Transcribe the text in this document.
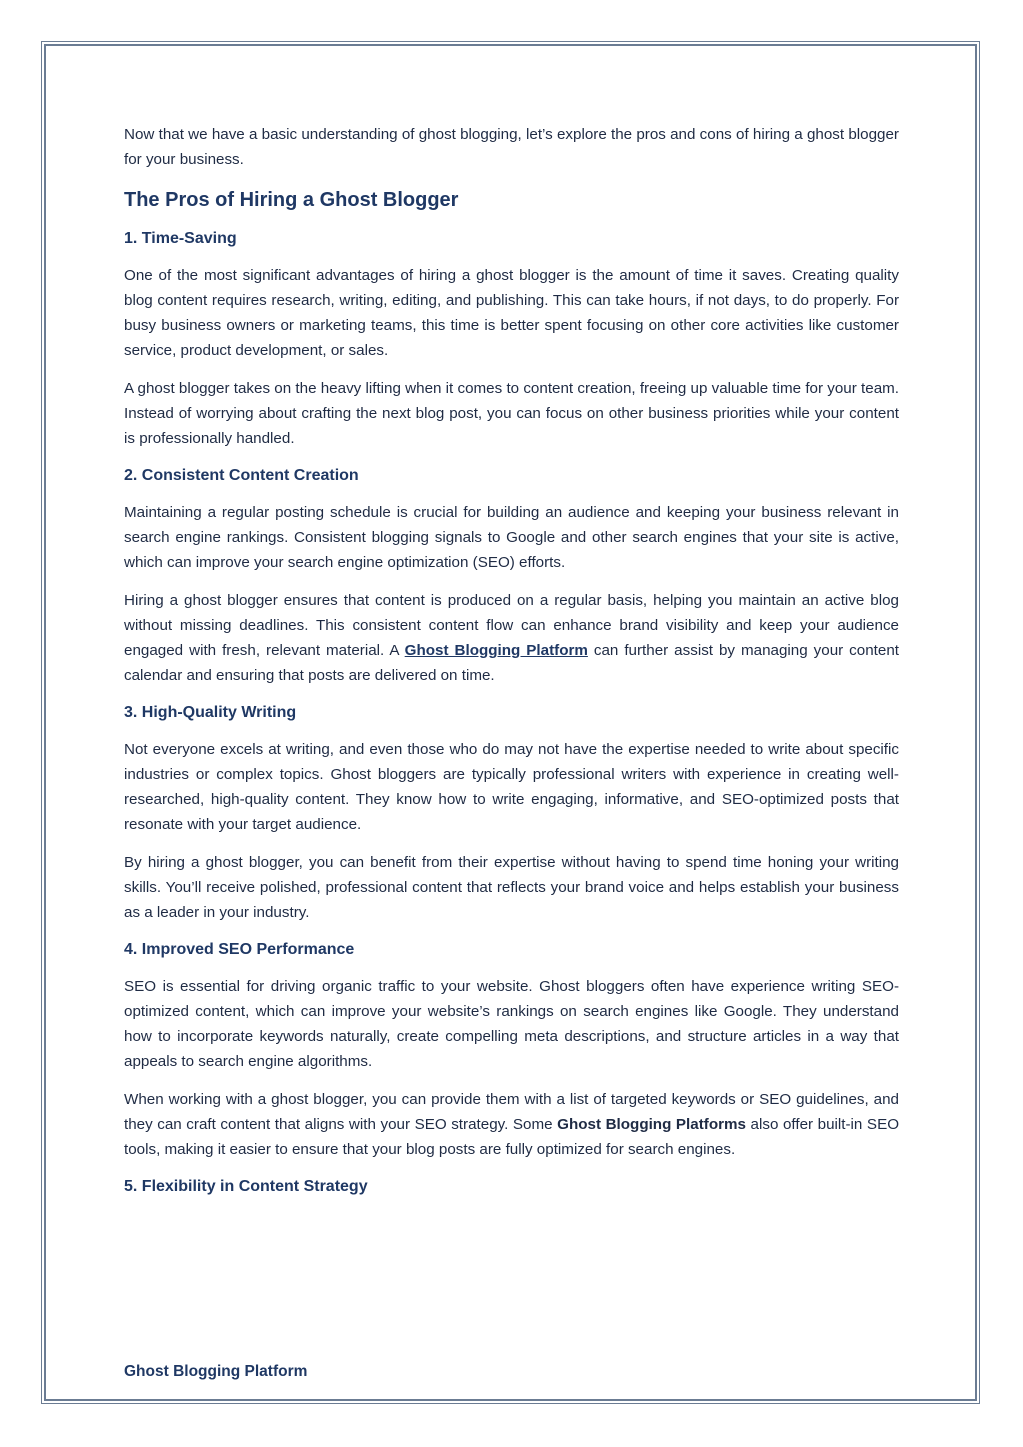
Now that we have a basic understanding of ghost blogging, let’s explore the pros and cons of hiring a ghost blogger for your business.

The Pros of Hiring a Ghost Blogger
1. Time-Saving

One of the most significant advantages of hiring a ghost blogger is the amount of time it saves. Creating quality blog content requires research, writing, editing, and publishing. This can take hours, if not days, to do properly. For busy business owners or marketing teams, this time is better spent focusing on other core activities like customer service, product development, or sales.

A ghost blogger takes on the heavy lifting when it comes to content creation, freeing up valuable time for your team. Instead of worrying about crafting the next blog post, you can focus on other business priorities while your content is professionally handled.

2. Consistent Content Creation

Maintaining a regular posting schedule is crucial for building an audience and keeping your business relevant in search engine rankings. Consistent blogging signals to Google and other search engines that your site is active, which can improve your search engine optimization (SEO) efforts.

Hiring a ghost blogger ensures that content is produced on a regular basis, helping you maintain an active blog without missing deadlines. This consistent content flow can enhance brand visibility and keep your audience engaged with fresh, relevant material. A Ghost Blogging Platform can further assist by managing your content calendar and ensuring that posts are delivered on time.

3. High-Quality Writing

Not everyone excels at writing, and even those who do may not have the expertise needed to write about specific industries or complex topics. Ghost bloggers are typically professional writers with experience in creating well-researched, high-quality content. They know how to write engaging, informative, and SEO-optimized posts that resonate with your target audience.

By hiring a ghost blogger, you can benefit from their expertise without having to spend time honing your writing skills. You’ll receive polished, professional content that reflects your brand voice and helps establish your business as a leader in your industry.

4. Improved SEO Performance

SEO is essential for driving organic traffic to your website. Ghost bloggers often have experience writing SEO-optimized content, which can improve your website’s rankings on search engines like Google. They understand how to incorporate keywords naturally, create compelling meta descriptions, and structure articles in a way that appeals to search engine algorithms.

When working with a ghost blogger, you can provide them with a list of targeted keywords or SEO guidelines, and they can craft content that aligns with your SEO strategy. Some Ghost Blogging Platforms also offer built-in SEO tools, making it easier to ensure that your blog posts are fully optimized for search engines.

5. Flexibility in Content Strategy
Ghost Blogging Platform
